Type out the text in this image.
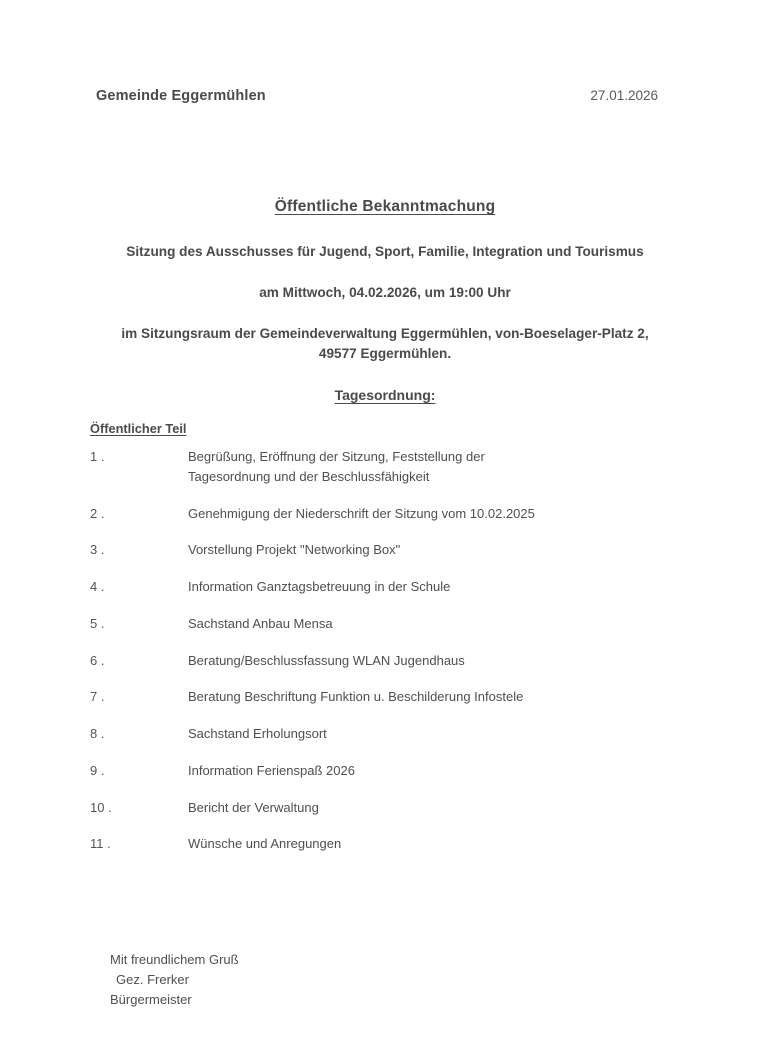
Gemeinde Eggermühlen	27.01.2026
Öffentliche Bekanntmachung

Sitzung des Ausschusses für Jugend, Sport, Familie, Integration und Tourismus

am Mittwoch, 04.02.2026, um 19:00 Uhr

im Sitzungsraum der Gemeindeverwaltung Eggermühlen, von-Boeselager-Platz 2, 49577 Eggermühlen.

Tagesordnung:

Öffentlicher Teil
1 .	Begrüßung, Eröffnung der Sitzung, Feststellung der Tagesordnung und der Beschlussfähigkeit
2 .	Genehmigung der Niederschrift der Sitzung vom 10.02.2025
3 .	Vorstellung Projekt "Networking Box"
4 .	Information Ganztagsbetreuung in der Schule
5 .	Sachstand Anbau Mensa
6 .	Beratung/Beschlussfassung WLAN Jugendhaus
7 .	Beratung Beschriftung Funktion u. Beschilderung Infostele
8 .	Sachstand Erholungsort
9 .	Information Ferienspaß 2026
10 .	Bericht der Verwaltung
11 .	Wünsche und Anregungen
Mit freundlichem Gruß
Gez. Frerker
Bürgermeister
